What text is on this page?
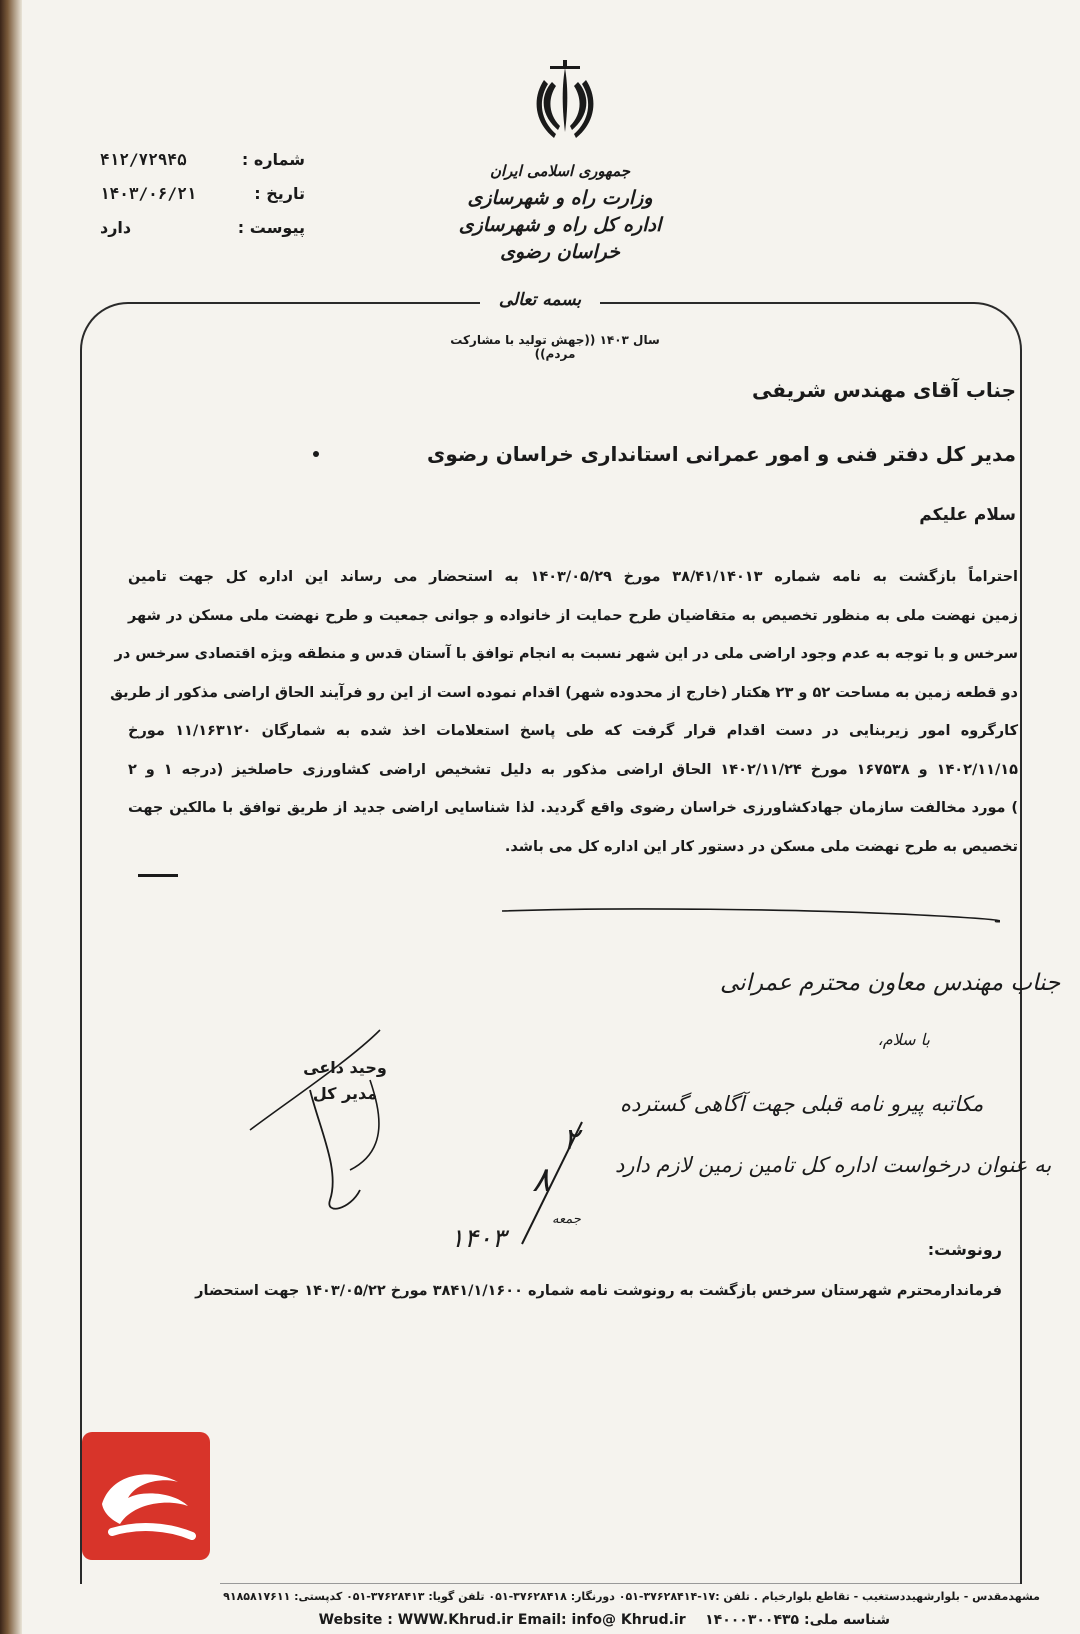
جمهوری اسلامی ایران
وزارت راه و شهرسازی
اداره کل راه و شهرسازی خراسان رضوی
شماره :
۴۱۲/۷۲۹۴۵
تاریخ :
۱۴۰۳/۰۶/۲۱
پیوست :
دارد
بسمه تعالی
سال ۱۴۰۳ ((جهش تولید با مشارکت مردم))
جناب آقای مهندس شریفی
مدیر کل دفتر فنی و امور عمرانی استانداری خراسان رضوی
سلام علیکم
احتراماً بازگشت به نامه شماره ۳۸/۴۱/۱۴۰۱۳ مورخ ۱۴۰۳/۰۵/۲۹ به استحضار می رساند این اداره کل جهت تامین
زمین نهضت ملی به منظور تخصیص به متقاضیان طرح حمایت از خانواده و جوانی جمعیت و طرح نهضت ملی مسکن در شهر
سرخس و با توجه به عدم وجود اراضی ملی در این شهر نسبت به انجام توافق با آستان قدس و منطقه ویژه اقتصادی سرخس در
دو قطعه زمین به مساحت ۵۲ و ۲۳ هکتار (خارج از محدوده شهر) اقدام نموده است از این رو فرآیند الحاق اراضی مذکور از طریق
کارگروه امور زیربنایی در دست اقدام قرار گرفت که طی پاسخ استعلامات اخذ شده به شمارگان ۱۱/۱۶۳۱۲۰ مورخ
۱۴۰۲/۱۱/۱۵ و ۱۶۷۵۳۸ مورخ ۱۴۰۲/۱۱/۲۴ الحاق اراضی مذکور به دلیل تشخیص اراضی کشاورزی حاصلخیز (درجه ۱ و ۲
) مورد مخالفت سازمان جهادکشاورزی خراسان رضوی واقع گردید. لذا شناسایی اراضی جدید از طریق توافق با مالکین جهت
تخصیص به طرح نهضت ملی مسکن در دستور کار این اداره کل می باشد.
جناب مهندس معاون محترم عمرانی
با سلام،
مکاتبه پیرو نامه قبلی جهت آگاهی گسترده
به عنوان درخواست اداره کل تامین زمین لازم دارد
۲
۸
جمعه
۱۴۰۳
وحید داعی
مدیر کل
رونوشت:
فرماندارمحترم شهرستان سرخس بازگشت به رونوشت نامه شماره ۳۸۴۱/۱/۱۶۰۰ مورخ ۱۴۰۳/۰۵/۲۲ جهت استحضار
مشهدمقدس - بلوارشهیددستغیب - تقاطع بلوارخیام . تلفن :۱۷-۳۷۶۲۸۴۱۴-۰۵۱ دورنگار: ۳۷۶۲۸۴۱۸-۰۵۱ تلفن گویا: ۳۷۶۲۸۴۱۳-۰۵۱ کدپستی: ۹۱۸۵۸۱۷۶۱۱
شناسه ملی: ۱۴۰۰۰۳۰۰۴۳۵    Website : WWW.Khrud.ir Email: info@ Khrud.ir
